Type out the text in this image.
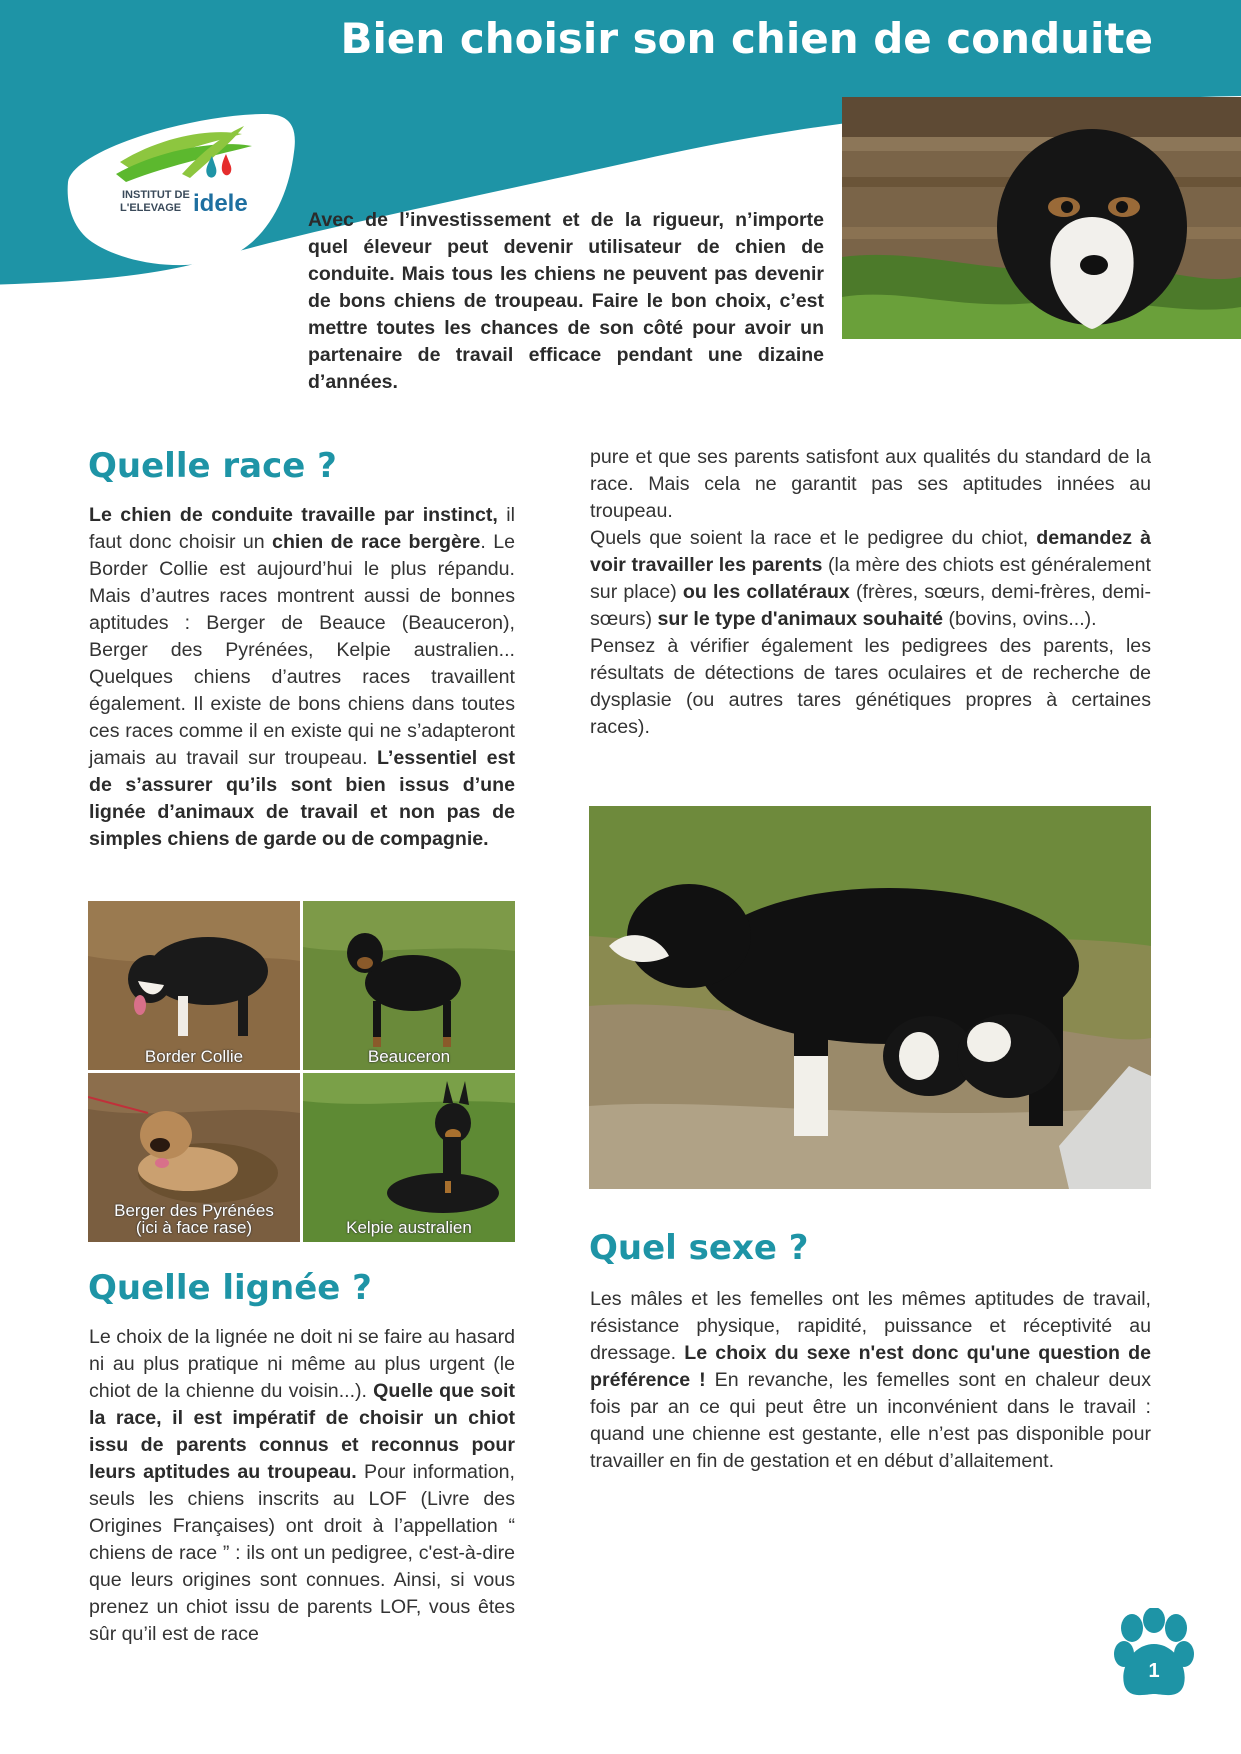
Bien choisir son chien de conduite
INSTITUT DE
L'ELEVAGE idele
Avec de l’investissement et de la rigueur, n’importe quel éleveur peut devenir utilisateur de chien de conduite. Mais tous les chiens ne peuvent pas devenir de bons chiens de troupeau. Faire le bon choix, c’est mettre toutes les chances de son côté pour avoir un partenaire de travail efficace pendant une dizaine d’années.
Quelle race ?

Le chien de conduite travaille par instinct, il faut donc choisir un chien de race bergère. Le Border Collie est aujourd’hui le plus répandu. Mais d’autres races montrent aussi de bonnes aptitudes : Berger de Beauce (Beauceron), Berger des Pyrénées, Kelpie australien... Quelques chiens d’autres races travaillent également. Il existe de bons chiens dans toutes ces races comme il en existe qui ne s’adapteront jamais au travail sur troupeau. L’essentiel est de s’assurer qu’ils sont bien issus d’une lignée d’animaux de travail et non pas de simples chiens de garde ou de compagnie.

Border Collie	Beauceron
Berger des Pyrénées
(ici à face rase)	Kelpie australien
Quelle lignée ?

Le choix de la lignée ne doit ni se faire au hasard ni au plus pratique ni même au plus urgent (le chiot de la chienne du voisin...). Quelle que soit la race, il est impératif de choisir un chiot issu de parents connus et reconnus pour leurs aptitudes au troupeau. Pour information, seuls les chiens inscrits au LOF (Livre des Origines Françaises) ont droit à l’appellation “ chiens de race ” : ils ont un pedigree, c'est-à-dire que leurs origines sont connues. Ainsi, si vous prenez un chiot issu de parents LOF, vous êtes sûr qu’il est de race

pure et que ses parents satisfont aux qualités du standard de la race. Mais cela ne garantit pas ses aptitudes innées au troupeau.

Quels que soient la race et le pedigree du chiot, demandez à voir travailler les parents (la mère des chiots est généralement sur place) ou les collatéraux (frères, sœurs, demi-frères, demi-sœurs) sur le type d'animaux souhaité (bovins, ovins...).

Pensez à vérifier également les pedigrees des parents, les résultats de détections de tares oculaires et de recherche de dysplasie (ou autres tares génétiques propres à certaines races).

Quel sexe ?

Les mâles et les femelles ont les mêmes aptitudes de travail, résistance physique, rapidité, puissance et réceptivité au dressage. Le choix du sexe n'est donc qu'une question de préférence ! En revanche, les femelles sont en chaleur deux fois par an ce qui peut être un inconvénient dans le travail : quand une chienne est gestante, elle n’est pas disponible pour travailler en fin de gestation et en début d’allaitement.

1
